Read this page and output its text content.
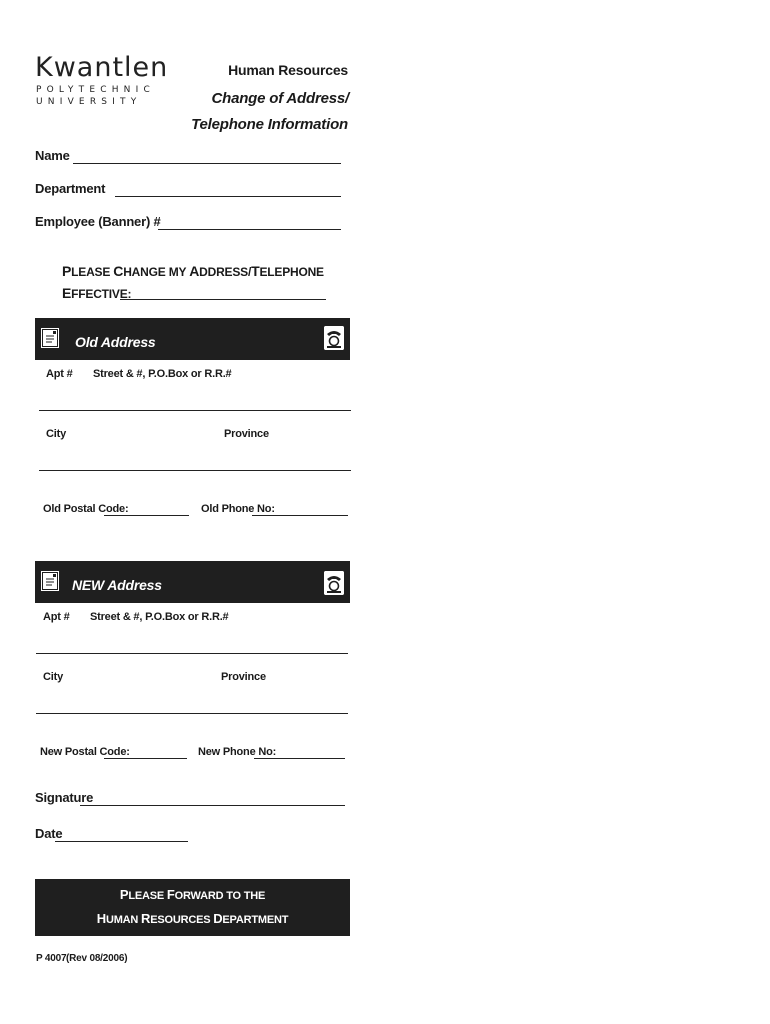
Kwantlen
POLYTECHNIC
UNIVERSITY
Human Resources
Change of Address/
Telephone Information
Name
Department
Employee (Banner) #
PLEASE CHANGE MY ADDRESS/TELEPHONE
EFFECTIVE:
Old Address
Apt # Street & #, P.O.Box or R.R.#
City	Province
Old Postal Code:	Old Phone No:
NEW Address
Apt # Street & #, P.O.Box or R.R.#
City	Province
New Postal Code:	New Phone No:
Signature
Date
PLEASE FORWARD TO THE
HUMAN RESOURCES DEPARTMENT
P 4007 (Rev 08/2006)
